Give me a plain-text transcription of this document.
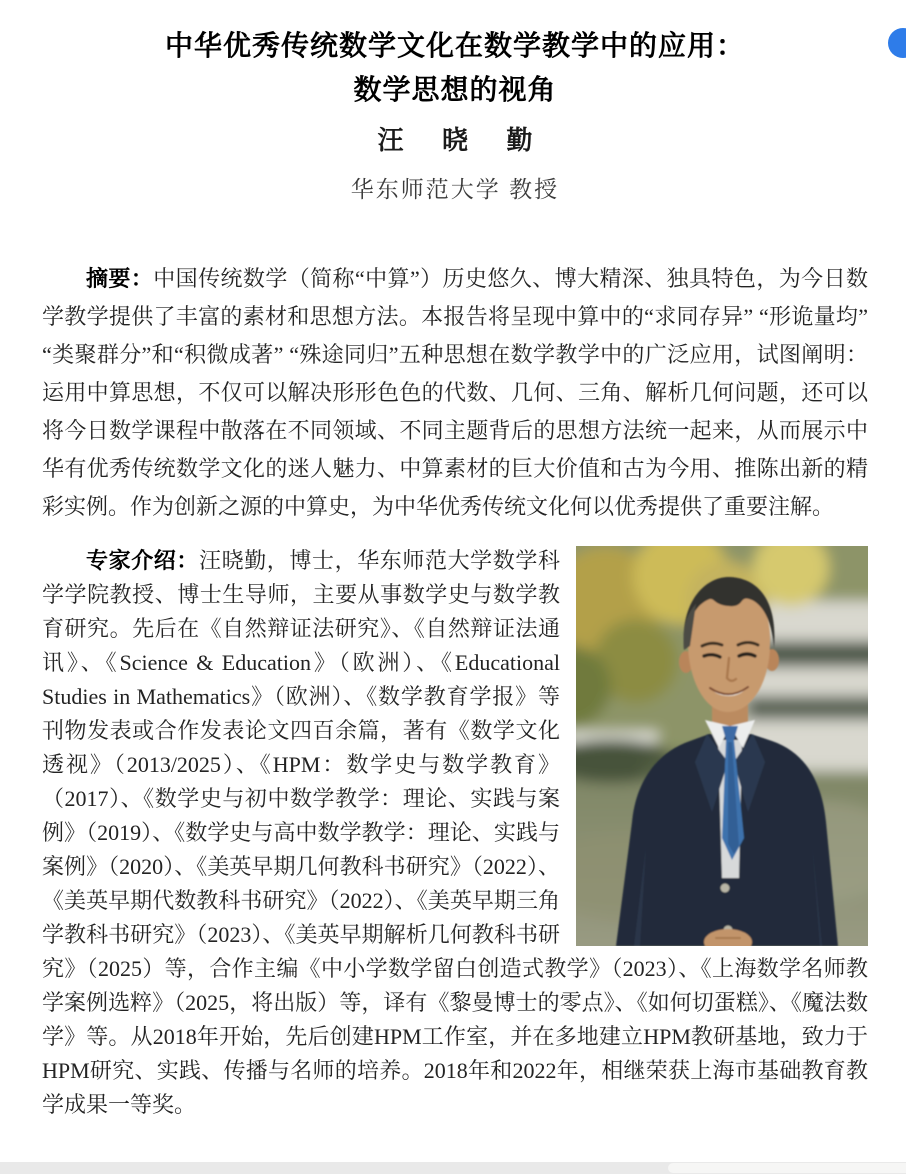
中华优秀传统数学文化在数学教学中的应用：
数学思想的视角
汪 晓 勤
华东师范大学 教授
摘要：中国传统数学（简称“中算”）历史悠久、博大精深、独具特色，为今日数学教学提供了丰富的素材和思想方法。本报告将呈现中算中的“求同存异” “形诡量均” “类聚群分”和“积微成著” “殊途同归”五种思想在数学教学中的广泛应用，试图阐明：运用中算思想，不仅可以解决形形色色的代数、几何、三角、解析几何问题，还可以将今日数学课程中散落在不同领域、不同主题背后的思想方法统一起来，从而展示中华有优秀传统数学文化的迷人魅力、中算素材的巨大价值和古为今用、推陈出新的精彩实例。作为创新之源的中算史，为中华优秀传统文化何以优秀提供了重要注解。
专家介绍：汪晓勤，博士，华东师范大学数学科学学院教授、博士生导师，主要从事数学史与数学教育研究。先后在《自然辩证法研究》、《自然辩证法通讯》、《Science & Education》（欧洲）、《Educational Studies in Mathematics》（欧洲）、《数学教育学报》等刊物发表或合作发表论文四百余篇，著有《数学文化透视》（2013/2025）、《HPM：数学史与数学教育》（2017）、《数学史与初中数学教学：理论、实践与案例》（2019）、《数学史与高中数学教学：理论、实践与案例》（2020）、《美英早期几何教科书研究》（2022）、《美英早期代数教科书研究》（2022）、《美英早期三角学教科书研究》（2023）、《美英早期解析几何教科书研究》（2025）等，合作主编《中小学数学留白创造式教学》（2023）、《上海数学名师教学案例选粹》（2025，将出版）等，译有《黎曼博士的零点》、《如何切蛋糕》、《魔法数学》等。从2018年开始，先后创建HPM工作室，并在多地建立HPM教研基地，致力于HPM研究、实践、传播与名师的培养。2018年和2022年，相继荣获上海市基础教育教学成果一等奖。
